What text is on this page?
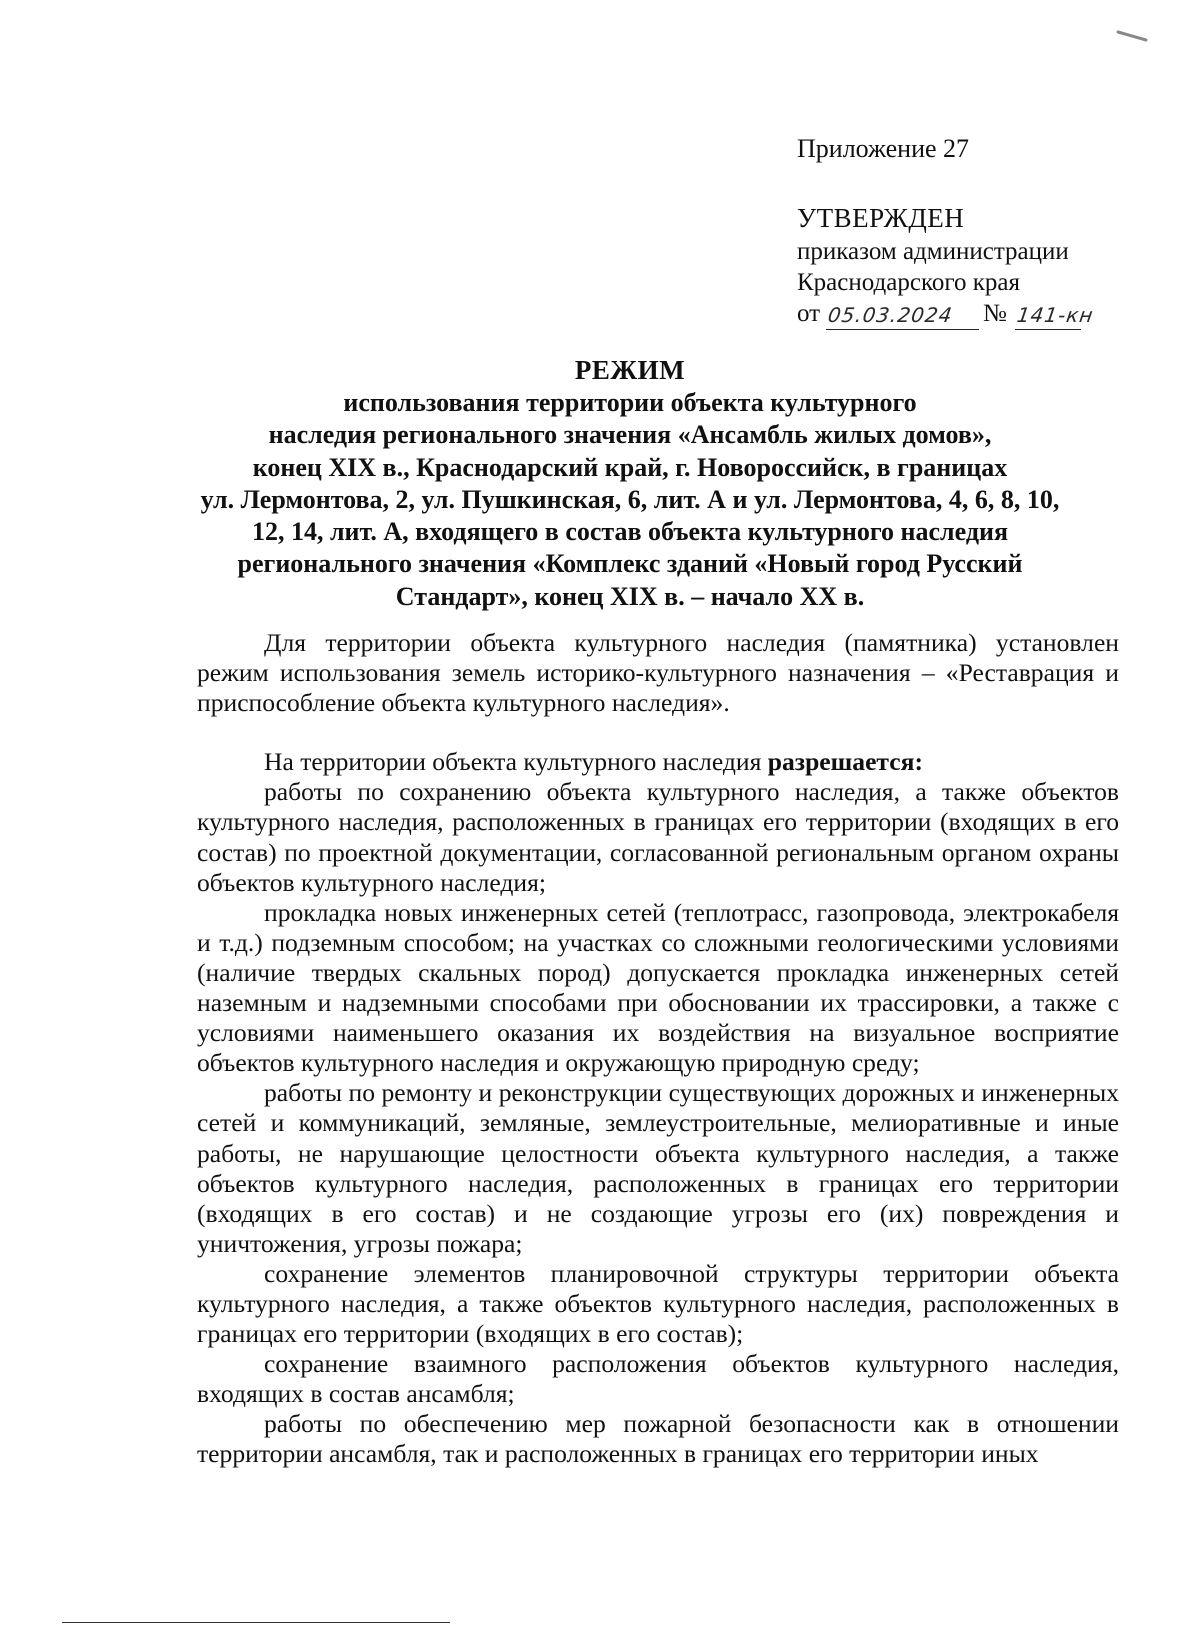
Приложение 27
УТВЕРЖДЕН
приказом администрации
Краснодарского края
от 05.03.2024 № 141-кн
РЕЖИМ
использования территории объекта культурного
наследия регионального значения «Ансамбль жилых домов»,
конец XIX в., Краснодарский край, г. Новороссийск, в границах
ул. Лермонтова, 2, ул. Пушкинская, 6, лит. А и ул. Лермонтова, 4, 6, 8, 10,
12, 14, лит. А, входящего в состав объекта культурного наследия
регионального значения «Комплекс зданий «Новый город Русский
Стандарт», конец XIX в. – начало XX в.

Для территории объекта культурного наследия (памятника) установлен режим использования земель историко-культурного назначения – «Реставрация и приспособление объекта культурного наследия».

На территории объекта культурного наследия разрешается:

работы по сохранению объекта культурного наследия, а также объектов культурного наследия, расположенных в границах его территории (входящих в его состав) по проектной документации, согласованной региональным органом охраны объектов культурного наследия;

прокладка новых инженерных сетей (теплотрасс, газопровода, электрокабеля и т.д.) подземным способом; на участках со сложными геологическими условиями (наличие твердых скальных пород) допускается прокладка инженерных сетей наземным и надземными способами при обосновании их трассировки, а также с условиями наименьшего оказания их воздействия на визуальное восприятие объектов культурного наследия и окружающую природную среду;

работы по ремонту и реконструкции существующих дорожных и инженерных сетей и коммуникаций, земляные, землеустроительные, мелиоративные и иные работы, не нарушающие целостности объекта культурного наследия, а также объектов культурного наследия, расположенных в границах его территории (входящих в его состав) и не создающие угрозы его (их) повреждения и уничтожения, угрозы пожара;

сохранение элементов планировочной структуры территории объекта культурного наследия, а также объектов культурного наследия, расположенных в границах его территории (входящих в его состав);

сохранение взаимного расположения объектов культурного наследия, входящих в состав ансамбля;

работы по обеспечению мер пожарной безопасности как в отношении территории ансамбля, так и расположенных в границах его территории иных
